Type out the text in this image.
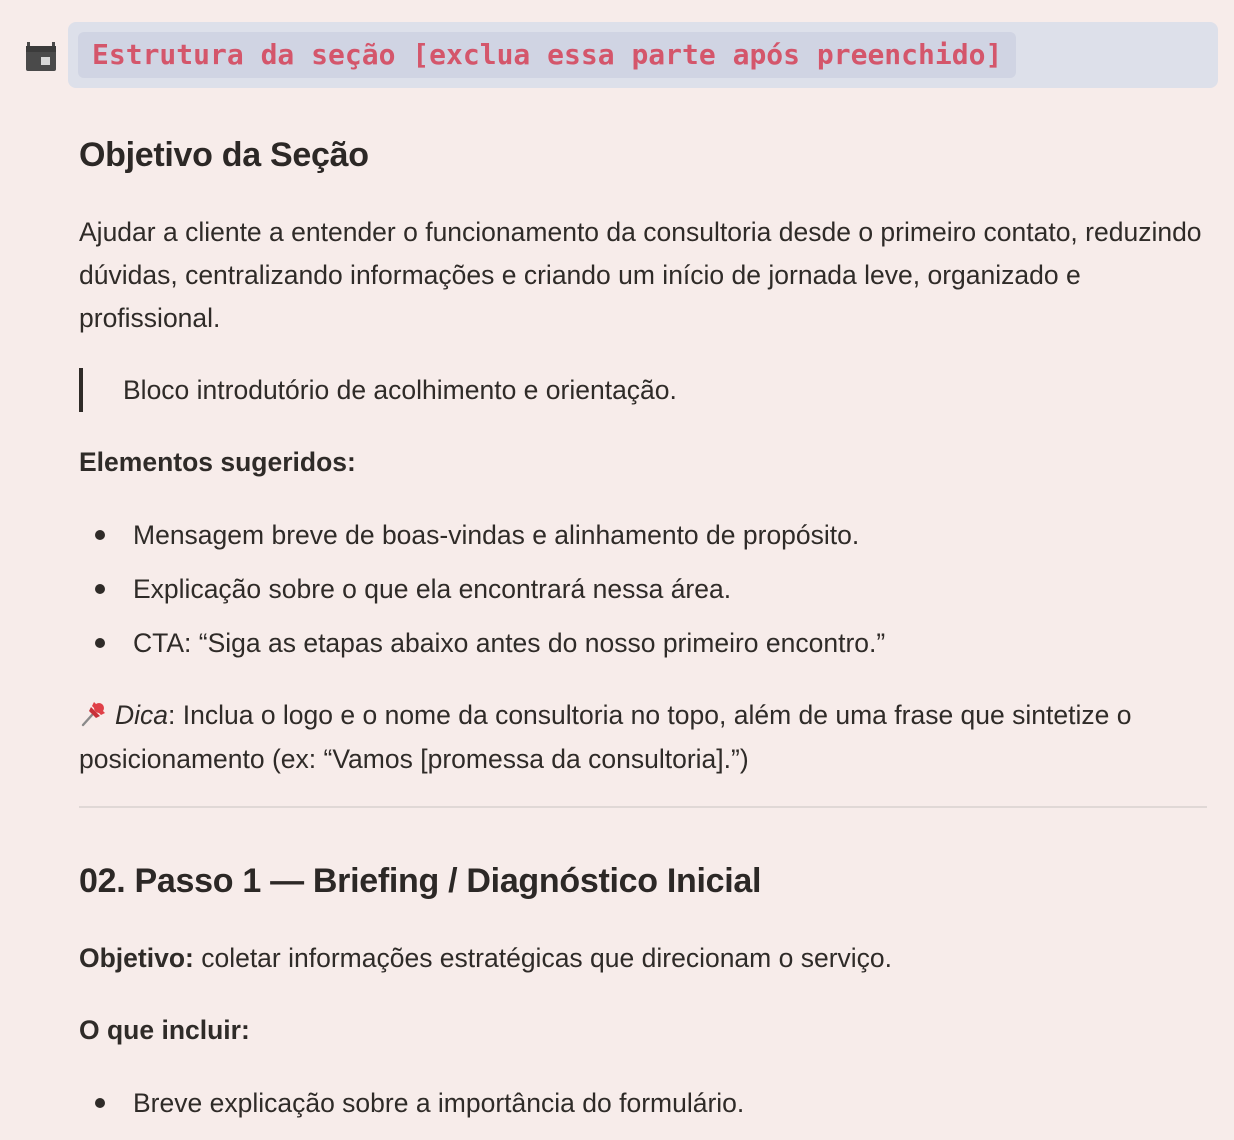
Estrutura da seção [exclua essa parte após preenchido]
Objetivo da Seção

Ajudar a cliente a entender o funcionamento da consultoria desde o primeiro contato, reduzindo dúvidas, centralizando informações e criando um início de jornada leve, organizado e profissional.

Bloco introdutório de acolhimento e orientação.
Elementos sugeridos:
Mensagem breve de boas-vindas e alinhamento de propósito.
Explicação sobre o que ela encontrará nessa área.
CTA: “Siga as etapas abaixo antes do nosso primeiro encontro.”
Dica: Inclua o logo e o nome da consultoria no topo, além de uma frase que sintetize o posicionamento (ex: “Vamos [promessa da consultoria].”)
02. Passo 1 — Briefing / Diagnóstico Inicial
Objetivo: coletar informações estratégicas que direcionam o serviço.
O que incluir:
Breve explicação sobre a importância do formulário.
